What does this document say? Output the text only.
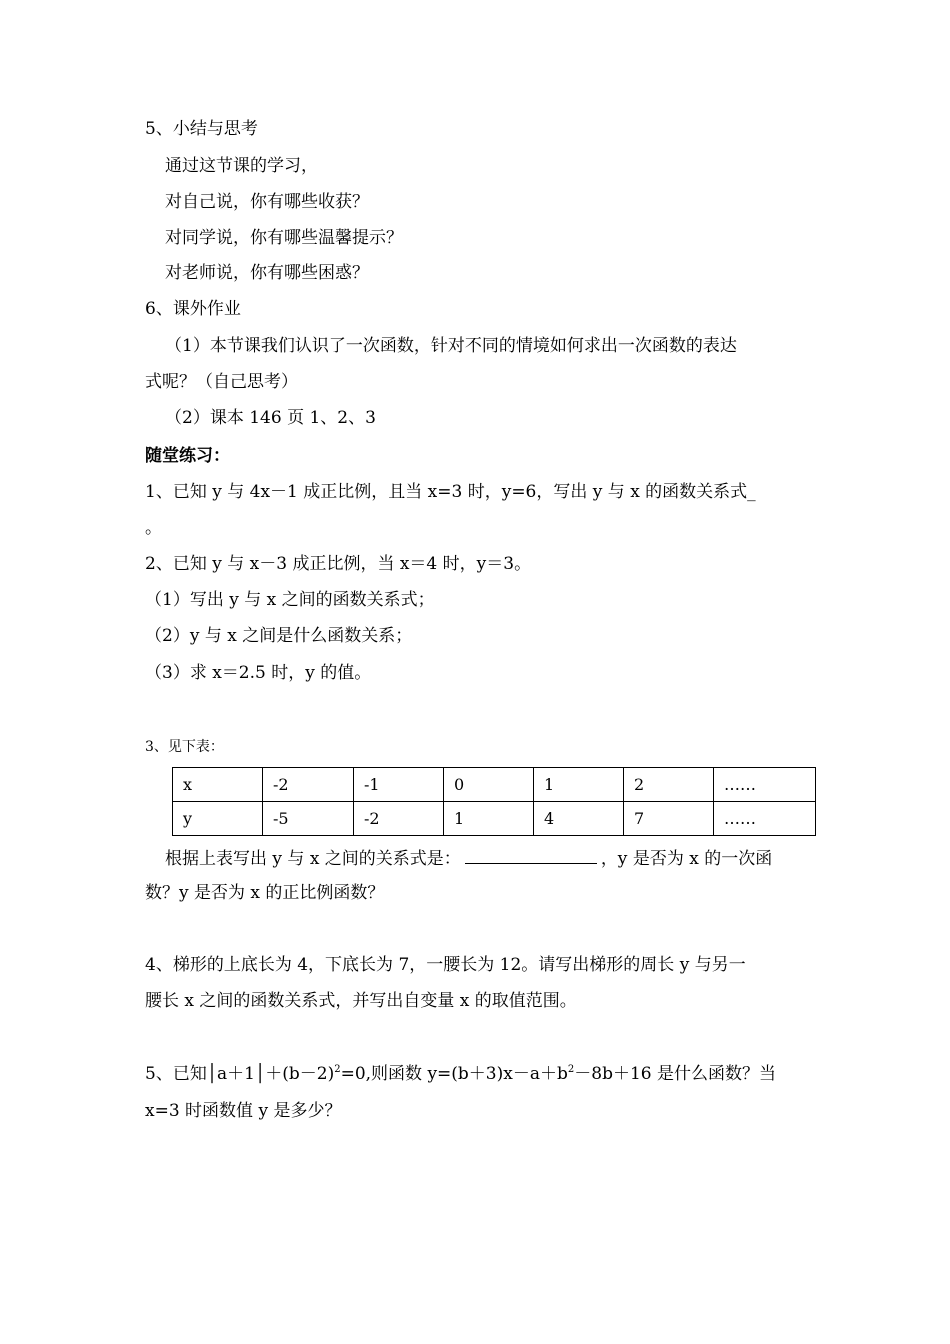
5、小结与思考
通过这节课的学习，
对自己说，你有哪些收获？
对同学说，你有哪些温馨提示？
对老师说，你有哪些困惑？
6、课外作业
（1）本节课我们认识了一次函数，针对不同的情境如何求出一次函数的表达
式呢？（自己思考）
（2）课本 146 页 1、2、3
随堂练习：
1、已知 y 与 4x－1 成正比例，且当 x=3 时，y=6，写出 y 与 x 的函数关系式_
。
2、已知 y 与 x－3 成正比例，当 x＝4 时，y＝3。
（1）写出 y 与 x 之间的函数关系式；
（2）y 与 x 之间是什么函数关系；
（3）求 x＝2.5 时，y 的值。
3、见下表：
x	-2	-1	0	1	2	……
y	-5	-2	1	4	7	……
根据上表写出 y 与 x 之间的关系式是：	，y 是否为 x 的一次函
数？y 是否为 x 的正比例函数？
4、梯形的上底长为 4，下底长为 7，一腰长为 12。请写出梯形的周长 y 与另一
腰长 x 之间的函数关系式，并写出自变量 x 的取值范围。
5、已知$│a+1│+(b-2)^2=0$,则函数 $y=(b+3)x-a+b^2-8b+16$ 是什么函数？当
x=3 时函数值 y 是多少？
